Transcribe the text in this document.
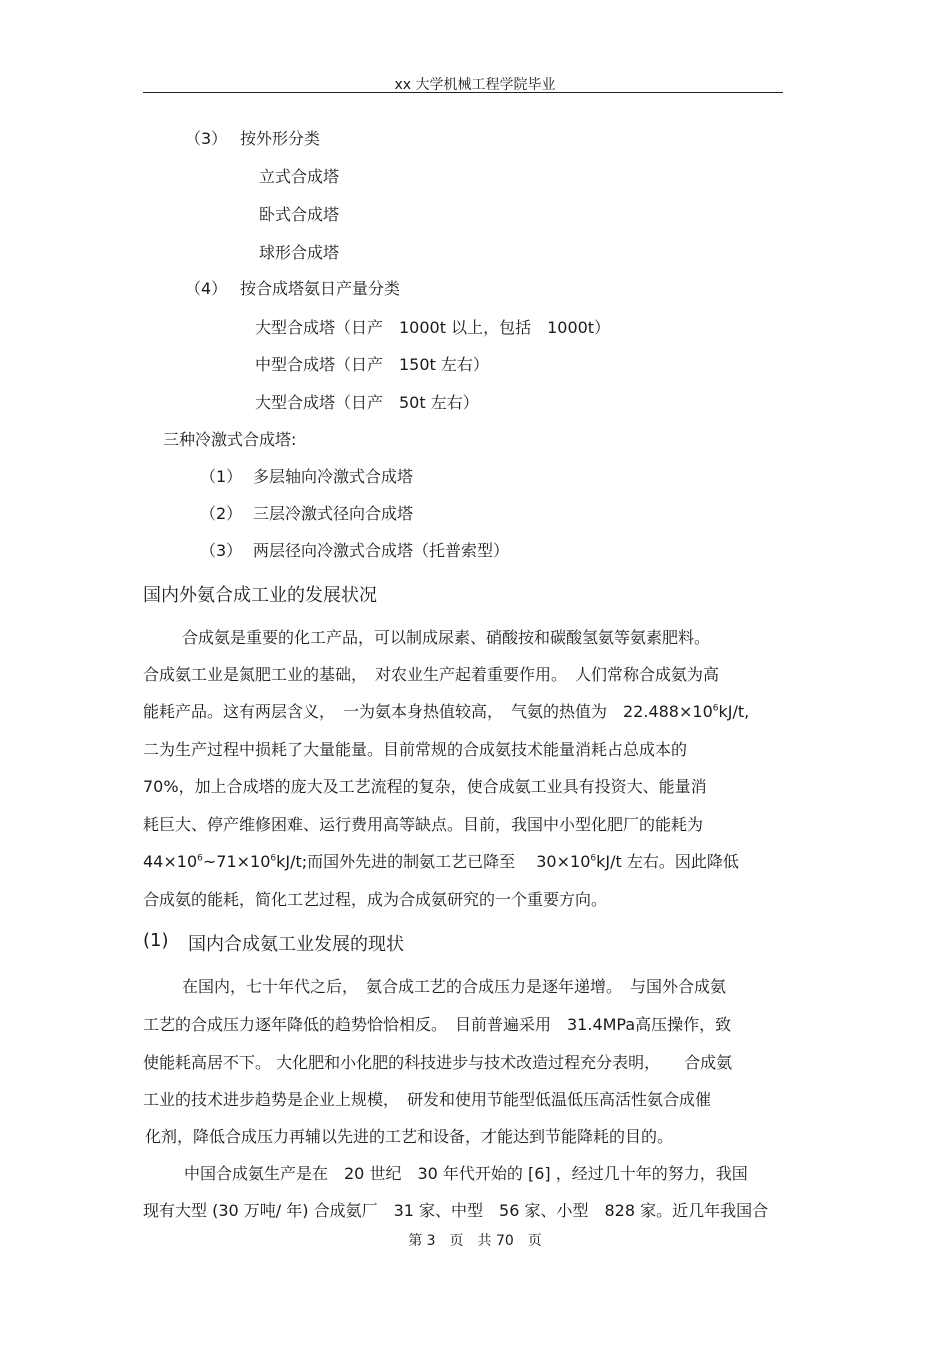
xx 大学机械工程学院毕业
（3） 按外形分类
立式合成塔
卧式合成塔
球形合成塔
（4） 按合成塔氨日产量分类
大型合成塔（日产　1000t 以上，包括　1000t）
中型合成塔（日产　150t 左右）
大型合成塔（日产　50t 左右）
三种冷激式合成塔:
（1） 多层轴向冷激式合成塔
（2） 三层冷激式径向合成塔
（3） 两层径向冷激式合成塔（托普索型）
国内外氨合成工业的发展状况
合成氨是重要的化工产品，可以制成尿素、硝酸按和碳酸氢氨等氨素肥料。
合成氨工业是氮肥工业的基础，　对农业生产起着重要作用。　人们常称合成氨为高
能耗产品。这有两层含义，　一为氨本身热值较高，　气氨的热值为　$22.488\times 10^6kJ/t$,
二为生产过程中损耗了大量能量。目前常规的合成氨技术能量消耗占总成本的
70%，加上合成塔的庞大及工艺流程的复杂，使合成氨工业具有投资大、能量消
耗巨大、停产维修困难、运行费用高等缺点。目前，我国中小型化肥厂的能耗为
$44\times 10^6\sim 71\times 10^6kJ/t$;而国外先进的制氨工艺已降至　 $30\times 10^6kJ/t$ 左右。因此降低
合成氨的能耗，简化工艺过程，成为合成氨研究的一个重要方向。
(1) 国内合成氨工业发展的现状
在国内，七十年代之后，　氨合成工艺的合成压力是逐年递增。　与国外合成氨
工艺的合成压力逐年降低的趋势恰恰相反。　目前普遍采用　31.4MPa高压操作，致
使能耗高居不下。 大化肥和小化肥的科技进步与技术改造过程充分表明，　　合成氨
工业的技术进步趋势是企业上规模，　研发和使用节能型低温低压高活性氨合成催
化剂，降低合成压力再辅以先进的工艺和设备，才能达到节能降耗的目的。
中国合成氨生产是在　20 世纪　30 年代开始的 [6] ，经过几十年的努力，我国
现有大型 (30 万吨/ 年) 合成氨厂　31 家、中型　56 家、小型　828 家。近几年我国合
第 3　页　共 70　页
